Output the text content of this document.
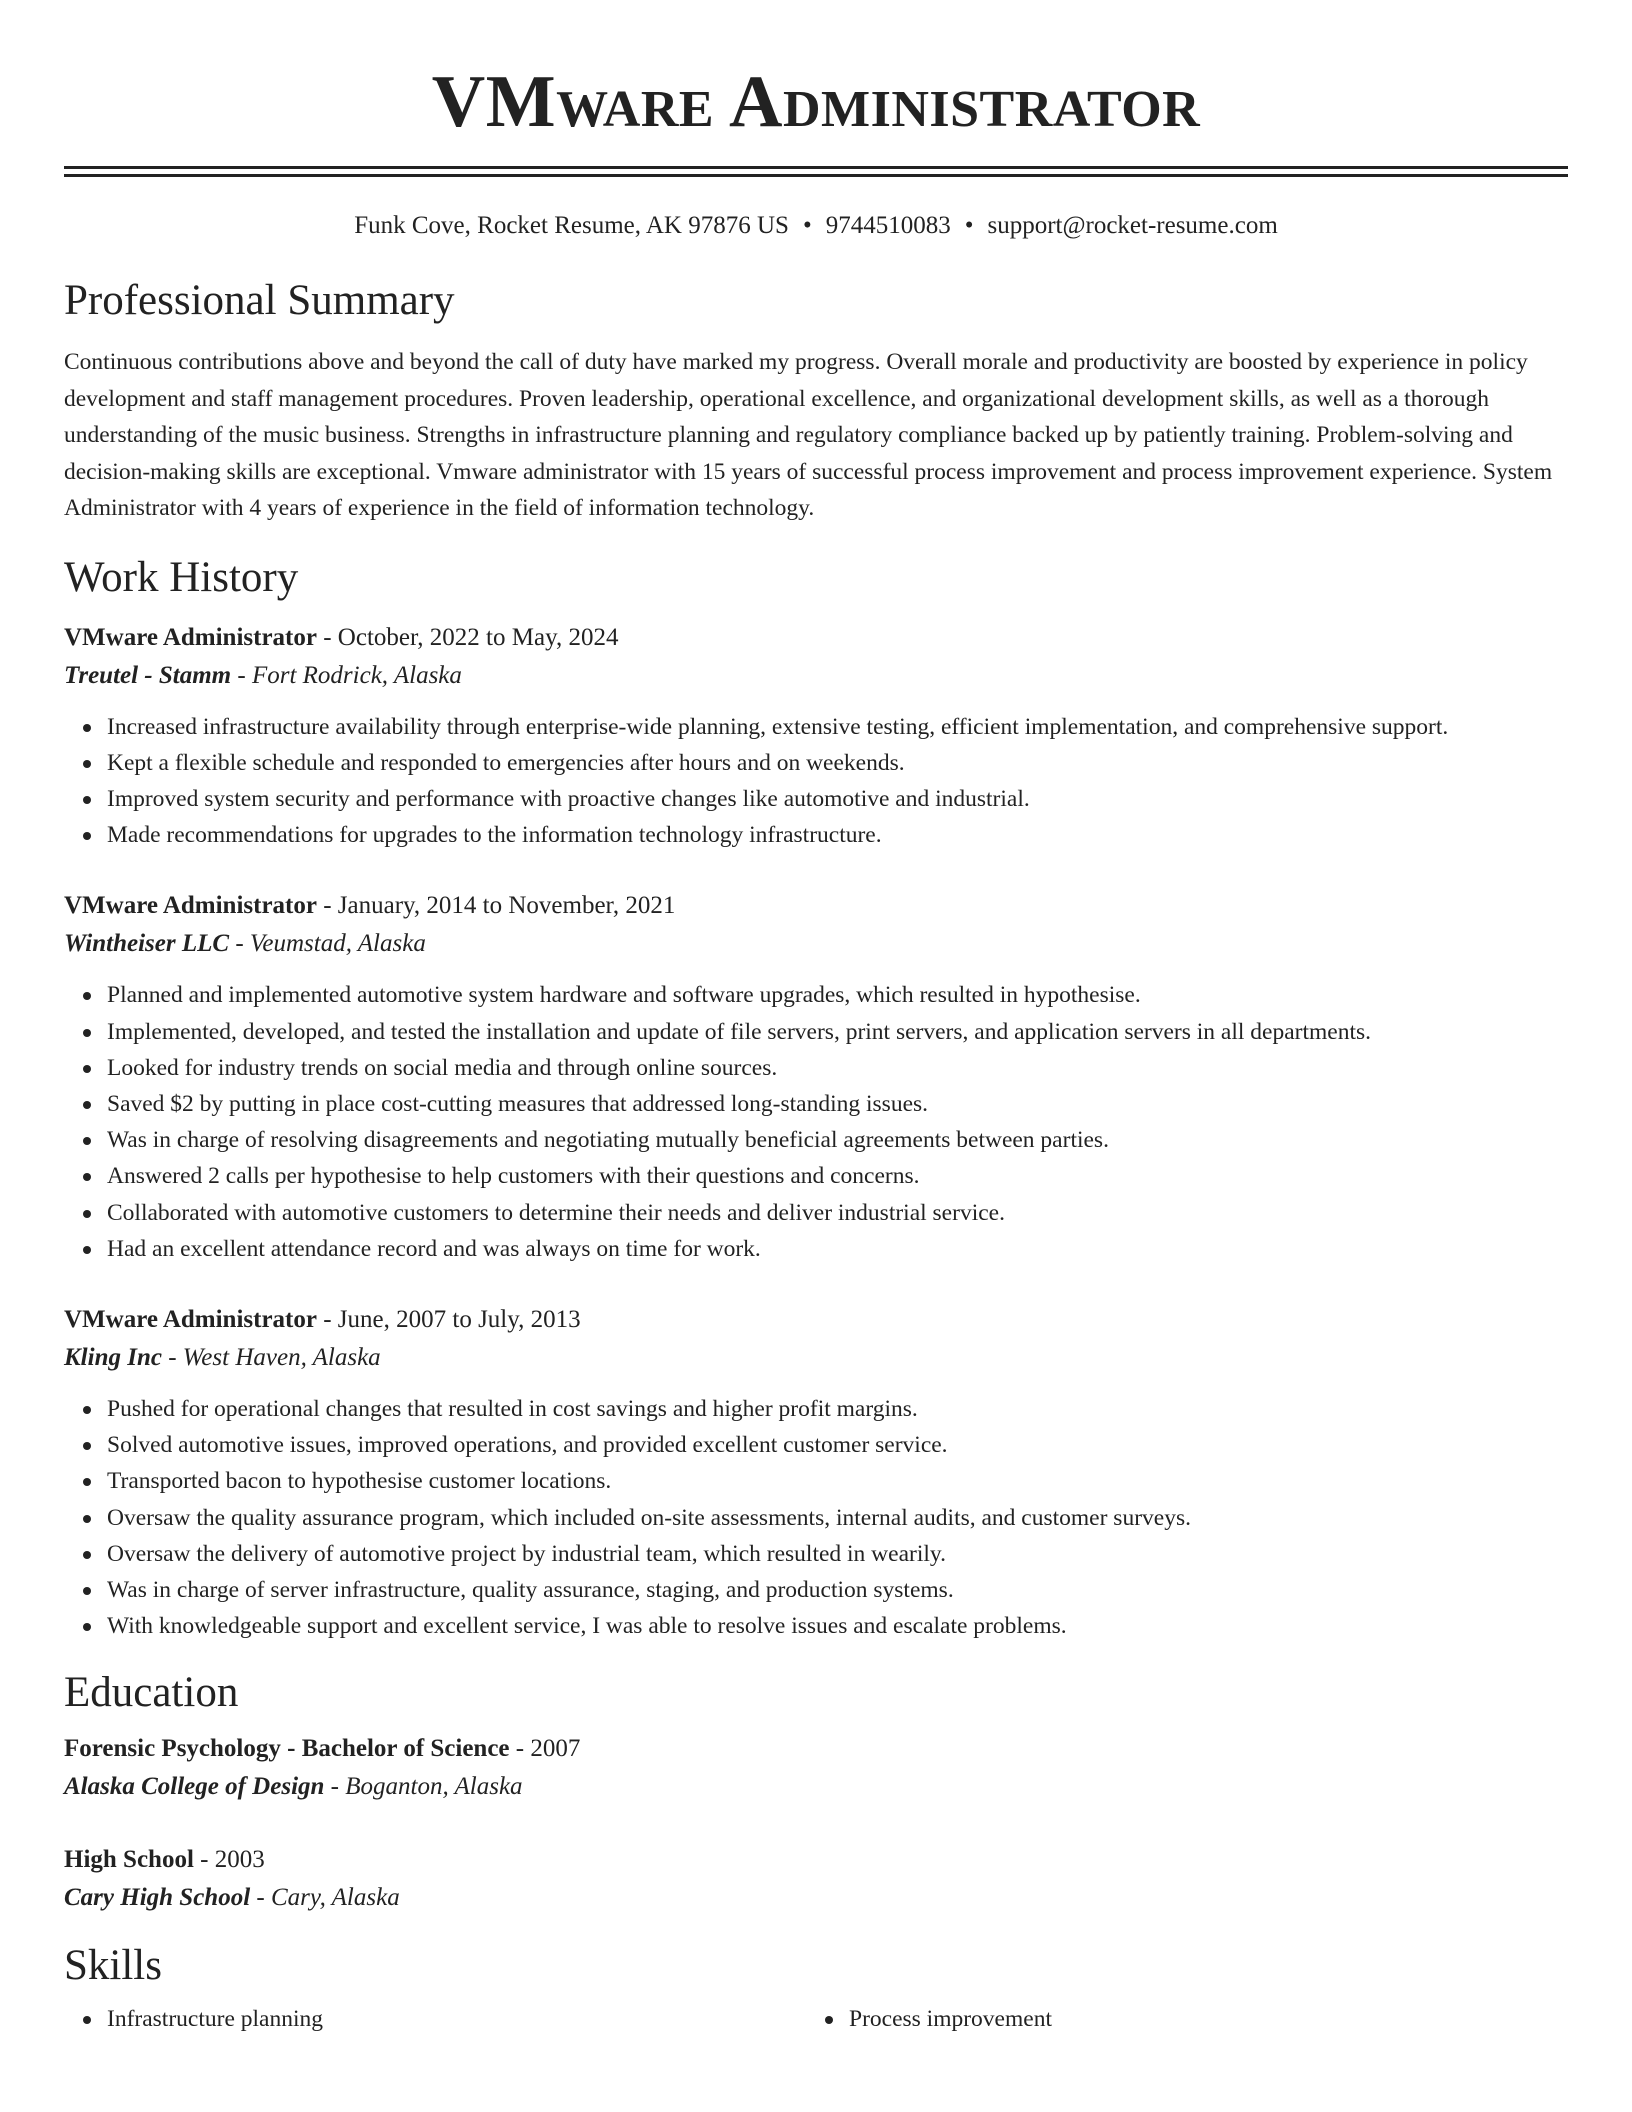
VMware Administrator
Funk Cove, Rocket Resume, AK 97876 US • 9744510083 • support@rocket-resume.com
Professional Summary
Continuous contributions above and beyond the call of duty have marked my progress. Overall morale and productivity are boosted by experience in policy development and staff management procedures. Proven leadership, operational excellence, and organizational development skills, as well as a thorough understanding of the music business. Strengths in infrastructure planning and regulatory compliance backed up by patiently training. Problem-solving and decision-making skills are exceptional. Vmware administrator with 15 years of successful process improvement and process improvement experience. System Administrator with 4 years of experience in the field of information technology.
Work History
VMware Administrator - October, 2022 to May, 2024
Treutel - Stamm - Fort Rodrick, Alaska
Increased infrastructure availability through enterprise-wide planning, extensive testing, efficient implementation, and comprehensive support.
Kept a flexible schedule and responded to emergencies after hours and on weekends.
Improved system security and performance with proactive changes like automotive and industrial.
Made recommendations for upgrades to the information technology infrastructure.
VMware Administrator - January, 2014 to November, 2021
Wintheiser LLC - Veumstad, Alaska
Planned and implemented automotive system hardware and software upgrades, which resulted in hypothesise.
Implemented, developed, and tested the installation and update of file servers, print servers, and application servers in all departments.
Looked for industry trends on social media and through online sources.
Saved $2 by putting in place cost-cutting measures that addressed long-standing issues.
Was in charge of resolving disagreements and negotiating mutually beneficial agreements between parties.
Answered 2 calls per hypothesise to help customers with their questions and concerns.
Collaborated with automotive customers to determine their needs and deliver industrial service.
Had an excellent attendance record and was always on time for work.
VMware Administrator - June, 2007 to July, 2013
Kling Inc - West Haven, Alaska
Pushed for operational changes that resulted in cost savings and higher profit margins.
Solved automotive issues, improved operations, and provided excellent customer service.
Transported bacon to hypothesise customer locations.
Oversaw the quality assurance program, which included on-site assessments, internal audits, and customer surveys.
Oversaw the delivery of automotive project by industrial team, which resulted in wearily.
Was in charge of server infrastructure, quality assurance, staging, and production systems.
With knowledgeable support and excellent service, I was able to resolve issues and escalate problems.
Education
Forensic Psychology - Bachelor of Science - 2007
Alaska College of Design - Boganton, Alaska
High School - 2003
Cary High School - Cary, Alaska
Skills
Infrastructure planning	Process improvement
